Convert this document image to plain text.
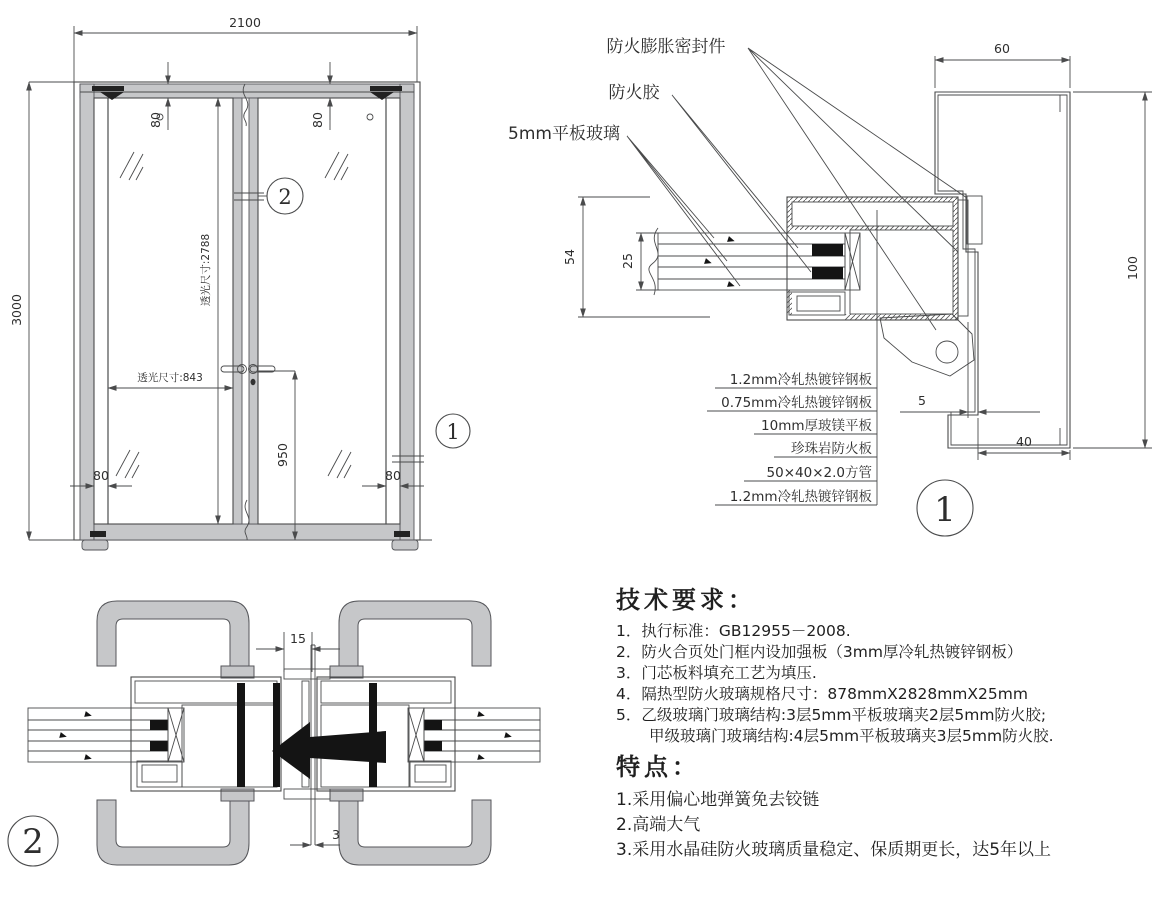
2100
3000
80	80
透光尺寸:2788
透光尺寸:843
950
80	80
2
1
防火膨胀密封件
防火胶
5mm平板玻璃
54	25
60
100
5
40
1.2mm冷轧热镀锌钢板
0.75mm冷轧热镀锌钢板
10mm厚玻镁平板
珍珠岩防火板
50×40×2.0方管
1.2mm冷轧热镀锌钢板 1
15
3
2
技术要求：
1．执行标准：GB12955－2008.
2．防火合页处门框内设加强板（3mm厚冷轧热镀锌钢板）
3．门芯板料填充工艺为填压.
4．隔热型防火玻璃规格尺寸：878mmX2828mmX25mm
5．乙级玻璃门玻璃结构:3层5mm平板玻璃夹2层5mm防火胶;
甲级玻璃门玻璃结构:4层5mm平板玻璃夹3层5mm防火胶.
特点：
1.采用偏心地弹簧免去铰链
2.高端大气
3.采用水晶硅防火玻璃质量稳定、保质期更长，达5年以上
